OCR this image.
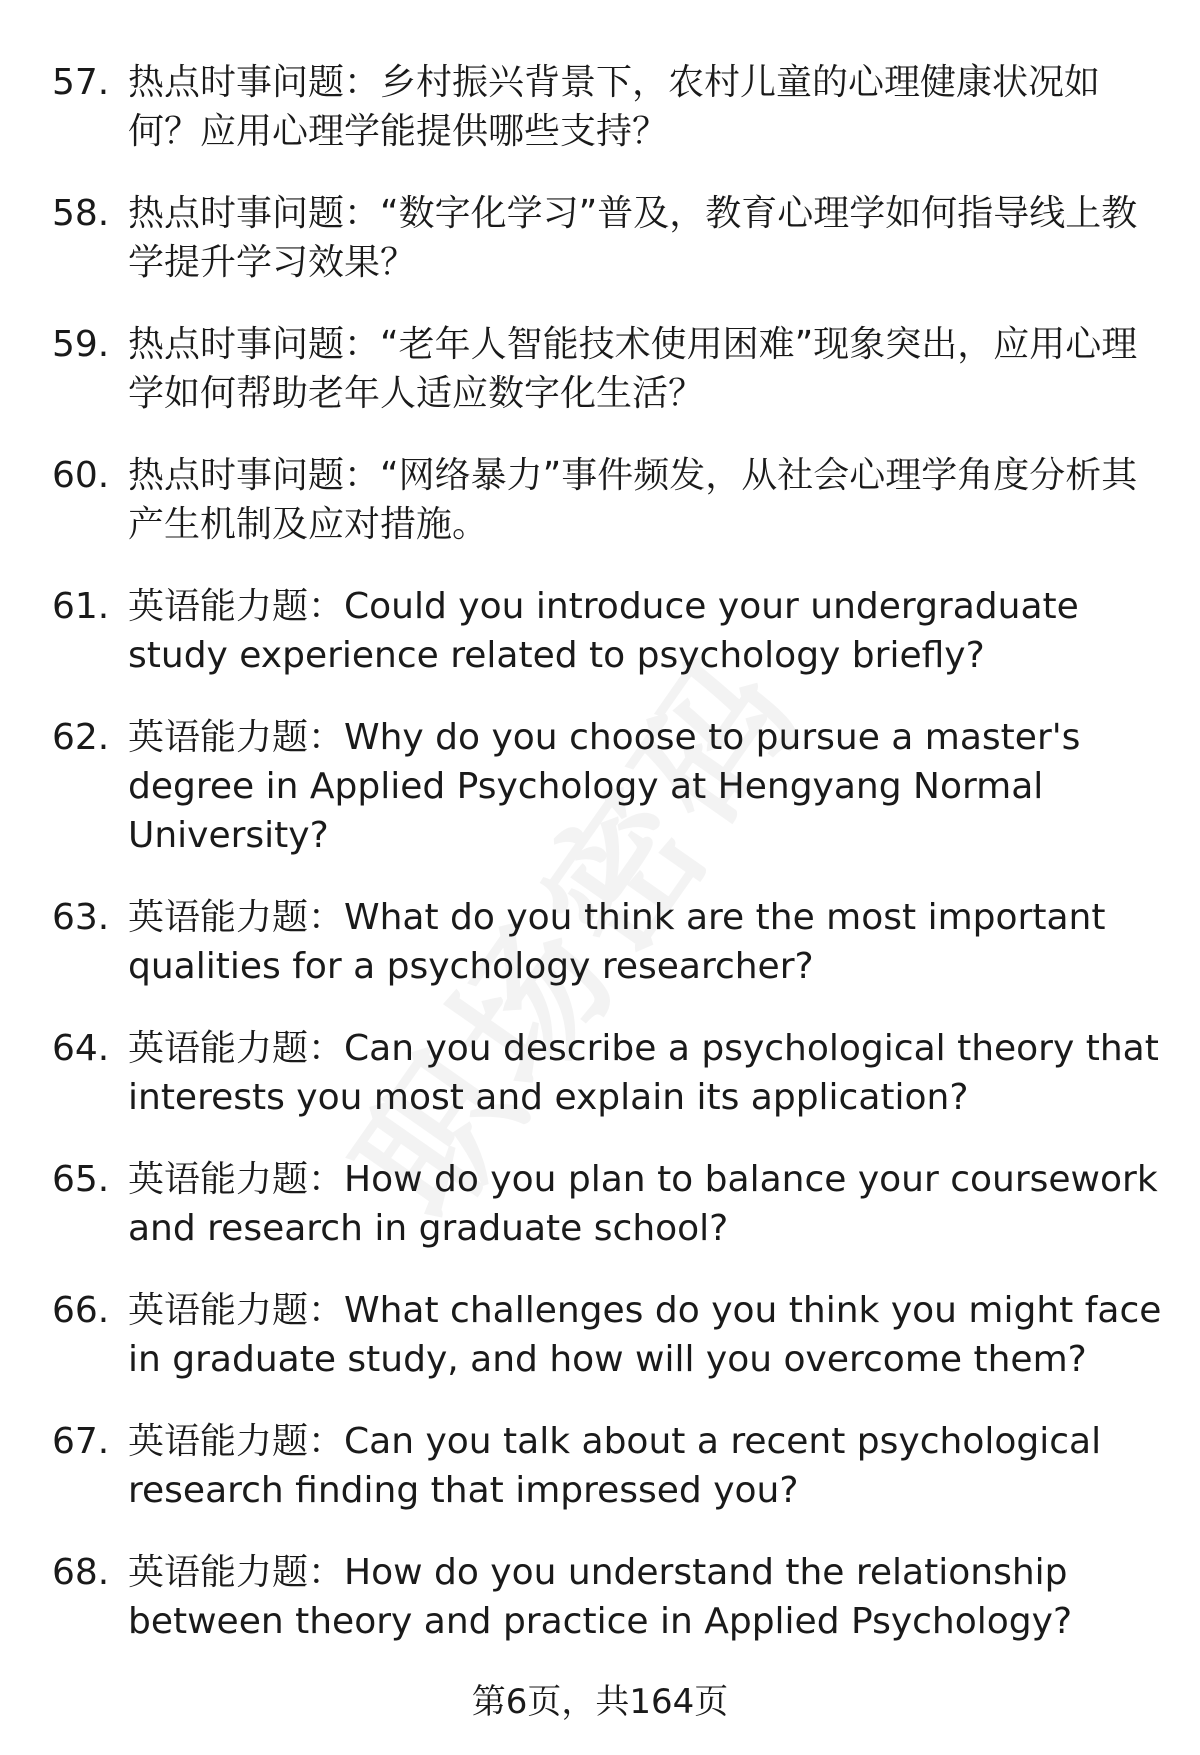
57. 热点时事问题：乡村振兴背景下，农村儿童的心理健康状况如何？应用心理学能提供哪些支持？
58. 热点时事问题：“数字化学习”普及，教育心理学如何指导线上教学提升学习效果？
59. 热点时事问题：“老年人智能技术使用困难”现象突出，应用心理学如何帮助老年人适应数字化生活？
60. 热点时事问题：“网络暴力”事件频发，从社会心理学角度分析其产生机制及应对措施。
61. 英语能力题：Could you introduce your undergraduate study experience related to psychology briefly?
62. 英语能力题：Why do you choose to pursue a master's degree in Applied Psychology at Hengyang Normal University?
63. 英语能力题：What do you think are the most important qualities for a psychology researcher?
64. 英语能力题：Can you describe a psychological theory that interests you most and explain its application?
65. 英语能力题：How do you plan to balance your coursework and research in graduate school?
66. 英语能力题：What challenges do you think you might face in graduate study, and how will you overcome them?
67. 英语能力题：Can you talk about a recent psychological research finding that impressed you?
68. 英语能力题：How do you understand the relationship between theory and practice in Applied Psychology?
第6页，共164页
